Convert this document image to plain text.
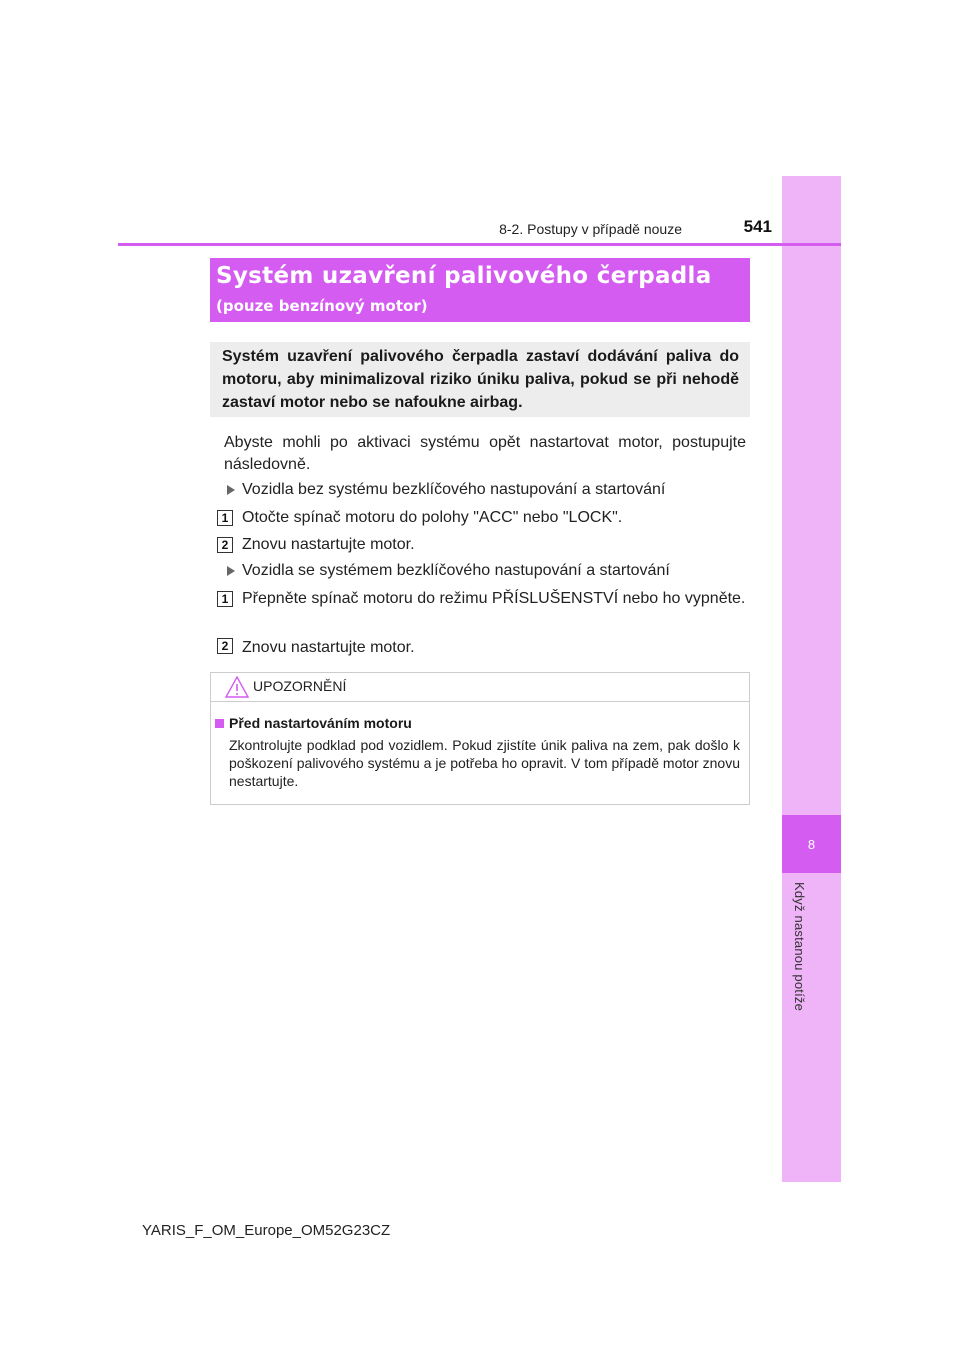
8
Když nastanou potíže
8-2. Postupy v případě nouze	541
Systém uzavření palivového čerpadla
(pouze benzínový motor)
Systém uzavření palivového čerpadla zastaví dodávání paliva do motoru, aby minimalizoval riziko úniku paliva, pokud se při nehodě zastaví motor nebo se nafoukne airbag.
Abyste mohli po aktivaci systému opět nastartovat motor, postupujte následovně.
Vozidla bez systému bezklíčového nastupování a startování
1 Otočte spínač motoru do polohy "ACC" nebo "LOCK".
2 Znovu nastartujte motor.
Vozidla se systémem bezklíčového nastupování a startování
1 Přepněte spínač motoru do režimu PŘÍSLUŠENSTVÍ nebo ho vypněte.
2 Znovu nastartujte motor.
UPOZORNĚNÍ
Před nastartováním motoru
Zkontrolujte podklad pod vozidlem. Pokud zjistíte únik paliva na zem, pak došlo k poškození palivového systému a je potřeba ho opravit. V tom případě motor znovu nestartujte.
YARIS_F_OM_Europe_OM52G23CZ
